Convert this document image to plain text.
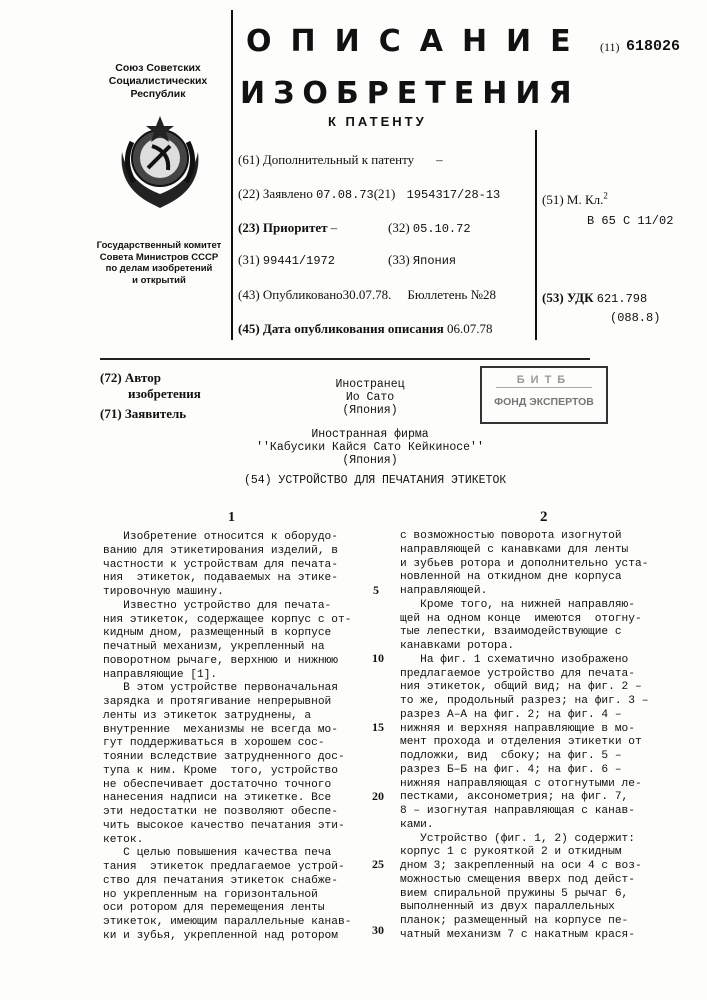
Союз Советских
Социалистических
Республик
Государственный комитет
Совета Министров СССР
по делам изобретений
и открытий
ОПИСАНИЕ
ИЗОБРЕТЕНИЯ
К ПАТЕНТУ
(11) 618026
(61) Дополнительный к патенту –
(22) Заявлено 07.08.73(21) 1954317/28-13
(23) Приоритет –	(32) 05.10.72
(31) 99441/1972	(33) Япония
(43) Опубликовано30.07.78. Бюллетень №28
(45) Дата опубликования описания 06.07.78
(51) М. Кл.2
B 65 C 11/02
(53) УДК 621.798
(088.8)
(72) Автор
изобретения
Иностранец
Ио Сато
(Япония)
Иностранная фирма
''Кабусики Кайся Сато Кейкиносе''
(Япония)
(71) Заявитель
БИТБ
ФОНД ЭКСПЕРТОВ
(54) УСТРОЙСТВО ДЛЯ ПЕЧАТАНИЯ ЭТИКЕТОК
1	2
Изобретение относится к оборудо-
ванию для этикетирования изделий, в
частности к устройствам для печата-
ния  этикеток, подаваемых на этике-
тировочную машину.
Известно устройство для печата-
ния этикеток, содержащее корпус с от-
кидным дном, размещенный в корпусе
печатный механизм, укрепленный на
поворотном рычаге, верхнюю и нижнюю
направляющие [1].
В этом устройстве первоначальная
зарядка и протягивание непрерывной
ленты из этикеток затруднены, а
внутренние  механизмы не всегда мо-
гут поддерживаться в хорошем сос-
тоянии вследствие затрудненного дос-
тупа к ним. Кроме  того, устройство
не обеспечивает достаточно точного
нанесения надписи на этикетке. Все
эти недостатки не позволяют обеспе-
чить высокое качество печатания эти-
кеток.
С целью повышения качества печа
тания  этикеток предлагаемое устрой-
ство для печатания этикеток снабже-
но укрепленным на горизонтальной
оси ротором для перемещения ленты
этикеток, имеющим параллельные канав-
ки и зубья, укрепленной над ротором
с возможностью поворота изогнутой
направляющей с канавками для ленты
и зубьев ротора и дополнительно уста-
новленной на откидном дне корпуса
направляющей.
Кроме того, на нижней направляю-
щей на одном конце  имеются  отогну-
тые лепестки, взаимодействующие с
канавками ротора.
На фиг. 1 схематично изображено
предлагаемое устройство для печата-
ния этикеток, общий вид; на фиг. 2 –
то же, продольный разрез; на фиг. 3 –
разрез А–А на фиг. 2; на фиг. 4 –
нижняя и верхняя направляющие в мо-
мент прохода и отделения этикетки от
подложки, вид  сбоку; на фиг. 5 –
разрез Б–Б на фиг. 4; на фиг. 6 –
нижняя направляющая с отогнутыми ле-
пестками, аксонометрия; на фиг. 7,
8 – изогнутая направляющая с канав-
ками.
Устройство (фиг. 1, 2) содержит:
корпус 1 с рукояткой 2 и откидным
дном 3; закрепленный на оси 4 с воз-
можностью смещения вверх под дейст-
вием спиральной пружины 5 рычаг 6,
выполненный из двух параллельных
планок; размещенный на корпусе пе-
чатный механизм 7 с накатным крася-
5
10
15
20
25
30
